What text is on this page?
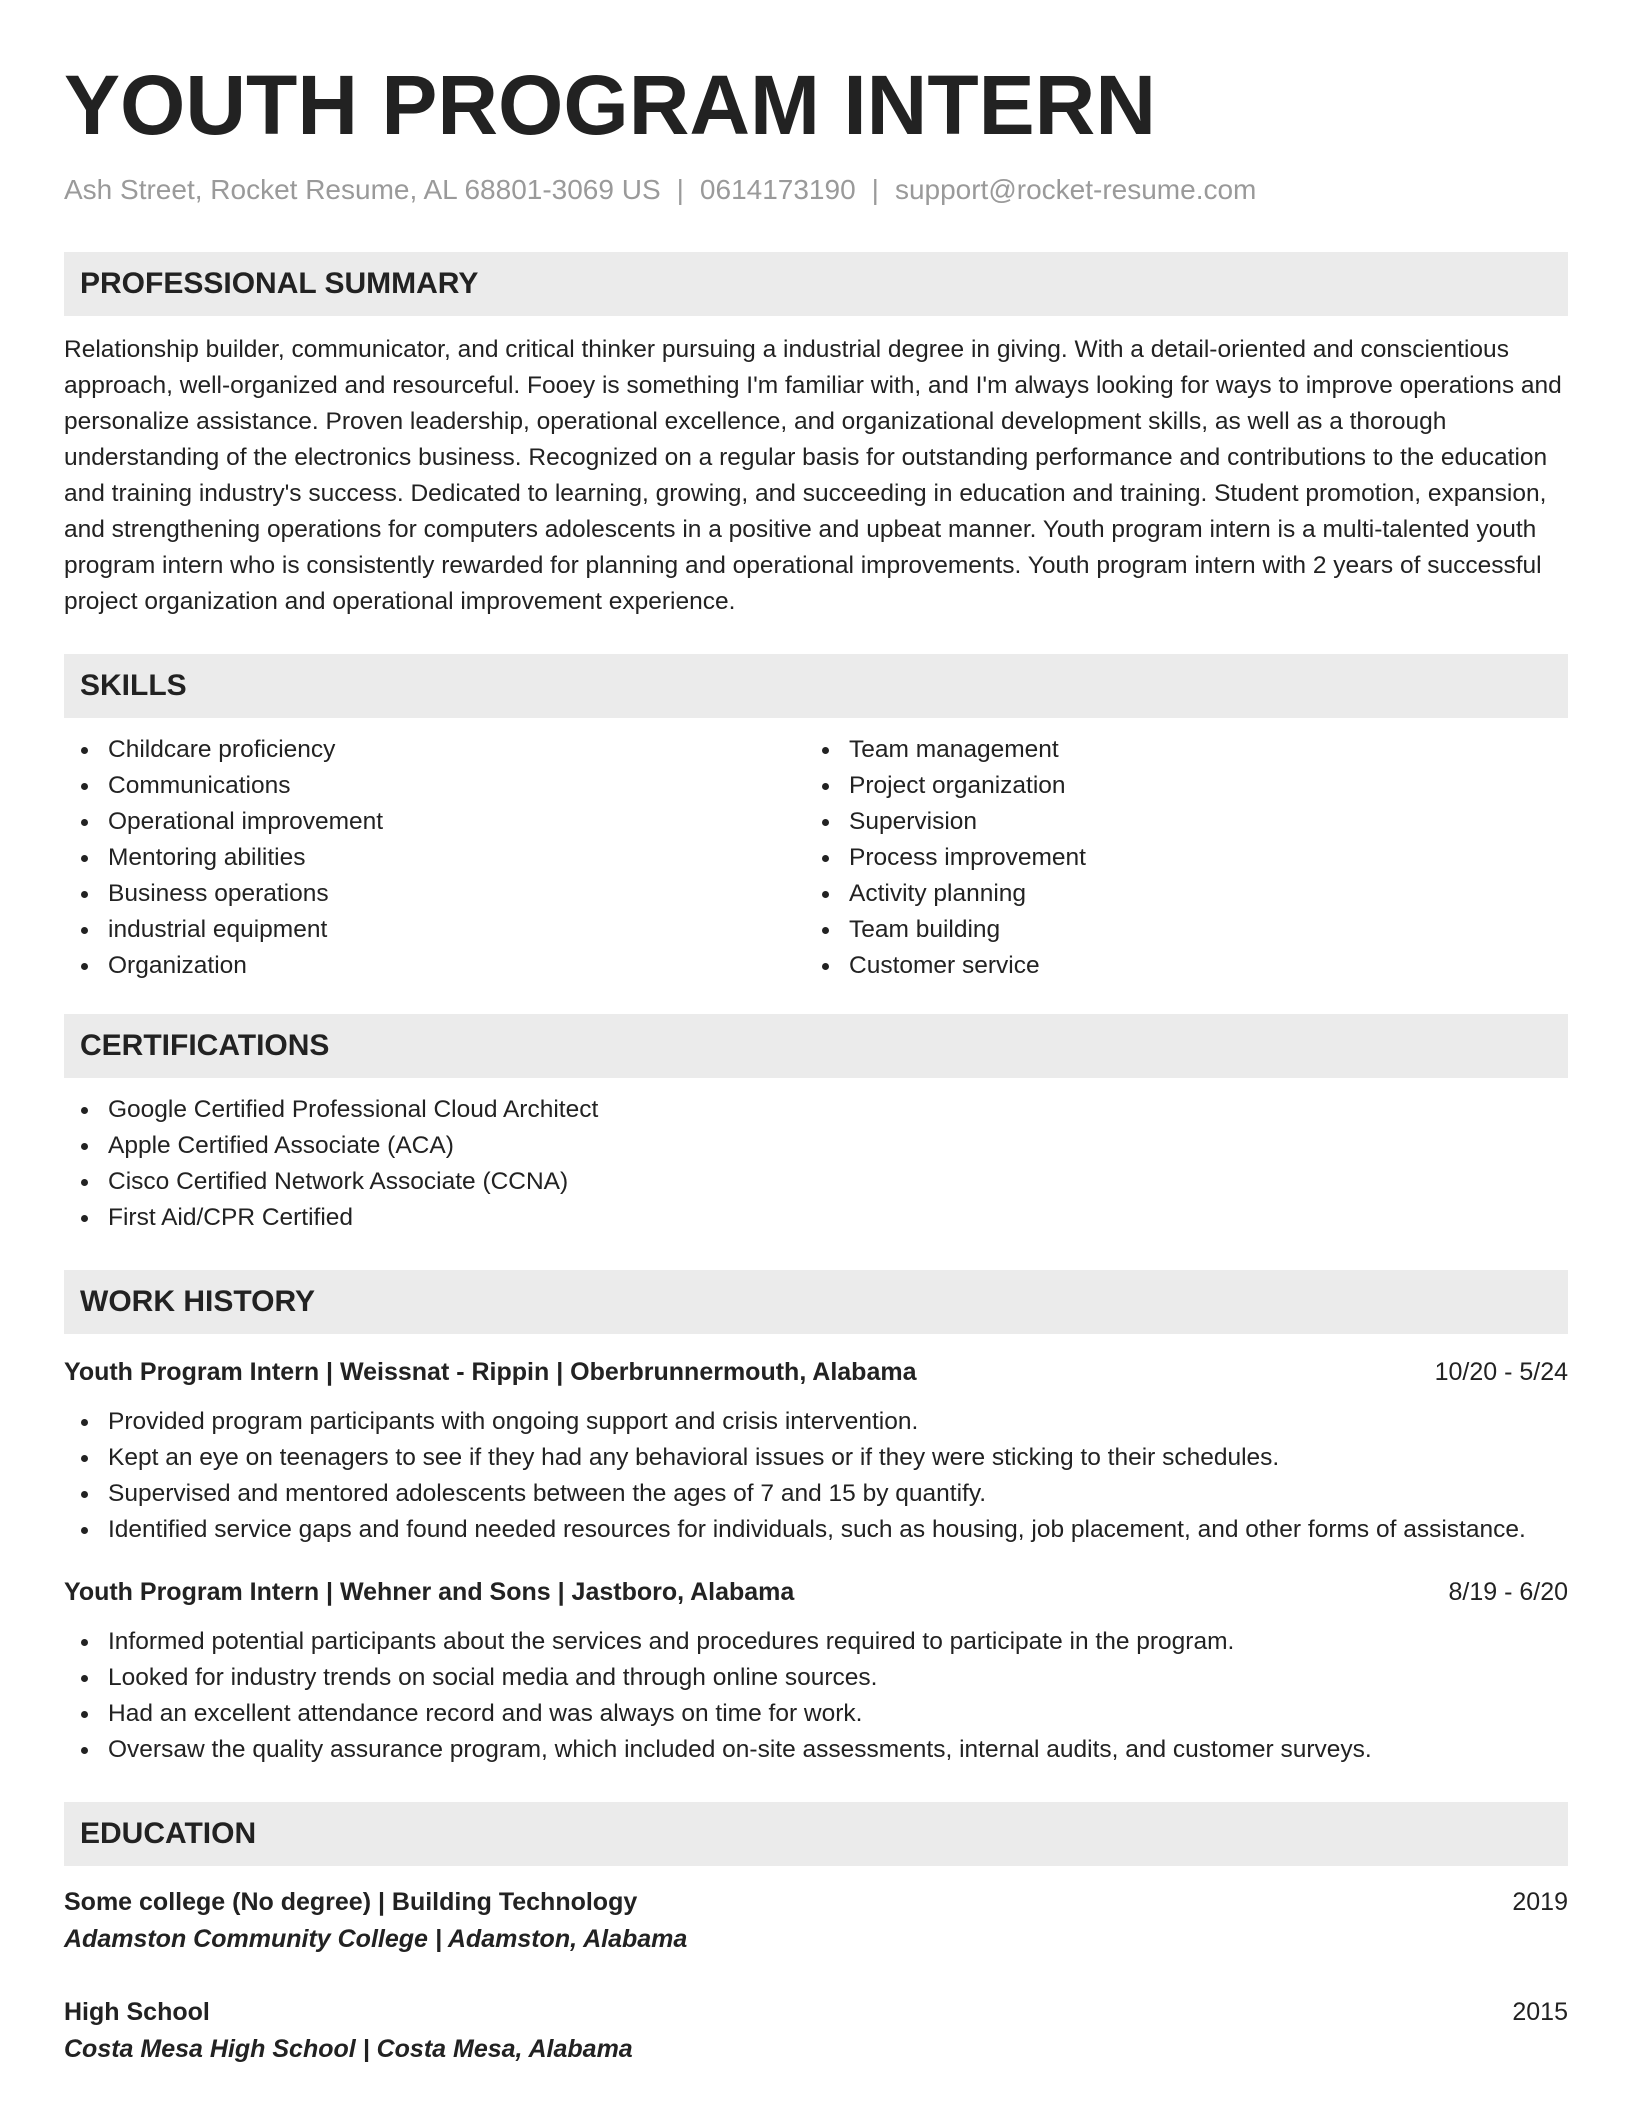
YOUTH PROGRAM INTERN
Ash Street, Rocket Resume, AL 68801-3069 US | 0614173190 | support@rocket-resume.com
PROFESSIONAL SUMMARY
Relationship builder, communicator, and critical thinker pursuing a industrial degree in giving. With a detail-oriented and conscientious approach, well-organized and resourceful. Fooey is something I'm familiar with, and I'm always looking for ways to improve operations and personalize assistance. Proven leadership, operational excellence, and organizational development skills, as well as a thorough understanding of the electronics business. Recognized on a regular basis for outstanding performance and contributions to the education and training industry's success. Dedicated to learning, growing, and succeeding in education and training. Student promotion, expansion, and strengthening operations for computers adolescents in a positive and upbeat manner. Youth program intern is a multi-talented youth program intern who is consistently rewarded for planning and operational improvements. Youth program intern with 2 years of successful project organization and operational improvement experience.
SKILLS
Childcare proficiency
Communications
Operational improvement
Mentoring abilities
Business operations
industrial equipment
Organization
Team management
Project organization
Supervision
Process improvement
Activity planning
Team building
Customer service
CERTIFICATIONS
Google Certified Professional Cloud Architect
Apple Certified Associate (ACA)
Cisco Certified Network Associate (CCNA)
First Aid/CPR Certified
WORK HISTORY
Youth Program Intern | Weissnat - Rippin | Oberbrunnermouth, Alabama	10/20 - 5/24
Provided program participants with ongoing support and crisis intervention.
Kept an eye on teenagers to see if they had any behavioral issues or if they were sticking to their schedules.
Supervised and mentored adolescents between the ages of 7 and 15 by quantify.
Identified service gaps and found needed resources for individuals, such as housing, job placement, and other forms of assistance.
Youth Program Intern | Wehner and Sons | Jastboro, Alabama	8/19 - 6/20
Informed potential participants about the services and procedures required to participate in the program.
Looked for industry trends on social media and through online sources.
Had an excellent attendance record and was always on time for work.
Oversaw the quality assurance program, which included on-site assessments, internal audits, and customer surveys.
EDUCATION
Some college (No degree) | Building Technology	2019
Adamston Community College | Adamston, Alabama
High School	2015
Costa Mesa High School | Costa Mesa, Alabama
